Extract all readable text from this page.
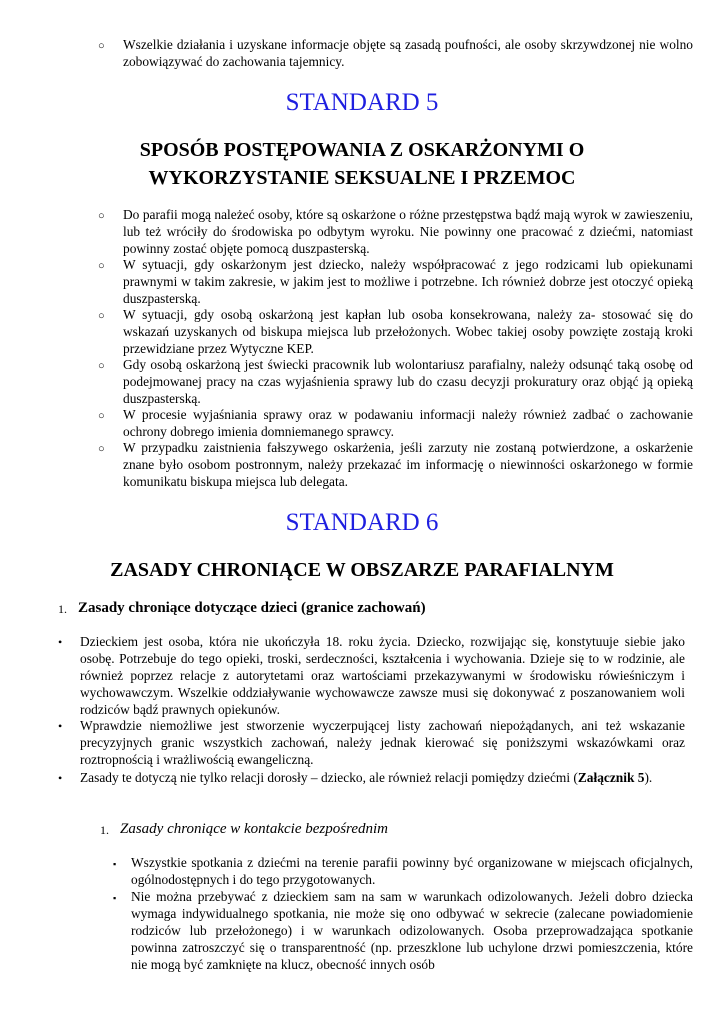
○ Wszelkie działania i uzyskane informacje objęte są zasadą poufności, ale osoby skrzywdzonej nie wolno zobowiązywać do zachowania tajemnicy.
STANDARD 5
SPOSÓB POSTĘPOWANIA Z OSKARŻONYMI O
WYKORZYSTANIE SEKSUALNE I PRZEMOC
○ Do parafii mogą należeć osoby, które są oskarżone o różne przestępstwa bądź mają wyrok w zawieszeniu, lub też wróciły do środowiska po odbytym wyroku. Nie powinny one pracować z dziećmi, natomiast powinny zostać objęte pomocą duszpasterską.
○ W sytuacji, gdy oskarżonym jest dziecko, należy współpracować z jego rodzicami lub opiekunami prawnymi w takim zakresie, w jakim jest to możliwe i potrzebne. Ich również dobrze jest otoczyć opieką duszpasterską.
○ W sytuacji, gdy osobą oskarżoną jest kapłan lub osoba konsekrowana, należy za- stosować się do wskazań uzyskanych od biskupa miejsca lub przełożonych. Wobec takiej osoby powzięte zostają kroki przewidziane przez Wytyczne KEP.
○ Gdy osobą oskarżoną jest świecki pracownik lub wolontariusz parafialny, należy odsunąć taką osobę od podejmowanej pracy na czas wyjaśnienia sprawy lub do czasu decyzji prokuratury oraz objąć ją opieką duszpasterską.
○ W procesie wyjaśniania sprawy oraz w podawaniu informacji należy również zadbać o zachowanie ochrony dobrego imienia domniemanego sprawcy.
○ W przypadku zaistnienia fałszywego oskarżenia, jeśli zarzuty nie zostaną potwierdzone, a oskarżenie znane było osobom postronnym, należy przekazać im informację o niewinności oskarżonego w formie komunikatu biskupa miejsca lub delegata.
STANDARD 6
ZASADY CHRONIĄCE W OBSZARZE PARAFIALNYM
1. Zasady chroniące dotyczące dzieci (granice zachowań)
• Dzieckiem jest osoba, która nie ukończyła 18. roku życia. Dziecko, rozwijając się, konstytuuje siebie jako osobę. Potrzebuje do tego opieki, troski, serdeczności, kształcenia i wychowania. Dzieje się to w rodzinie, ale również poprzez relacje z autorytetami oraz wartościami przekazywanymi w środowisku rówieśniczym i wychowawczym. Wszelkie oddziaływanie wychowawcze zawsze musi się dokonywać z poszanowaniem woli rodziców bądź prawnych opiekunów.
• Wprawdzie niemożliwe jest stworzenie wyczerpującej listy zachowań niepożądanych, ani też wskazanie precyzyjnych granic wszystkich zachowań, należy jednak kierować się poniższymi wskazówkami oraz roztropnością i wrażliwością ewangeliczną.
• Zasady te dotyczą nie tylko relacji dorosły – dziecko, ale również relacji pomiędzy dziećmi (Załącznik 5).
1. Zasady chroniące w kontakcie bezpośrednim
▪ Wszystkie spotkania z dziećmi na terenie parafii powinny być organizowane w miejscach oficjalnych, ogólnodostępnych i do tego przygotowanych.
▪ Nie można przebywać z dzieckiem sam na sam w warunkach odizolowanych. Jeżeli dobro dziecka wymaga indywidualnego spotkania, nie może się ono odbywać w sekrecie (zalecane powiadomienie rodziców lub przełożonego) i w warunkach odizolowanych. Osoba przeprowadzająca spotkanie powinna zatroszczyć się o transparentność (np. przeszklone lub uchylone drzwi pomieszczenia, które nie mogą być zamknięte na klucz, obecność innych osób
